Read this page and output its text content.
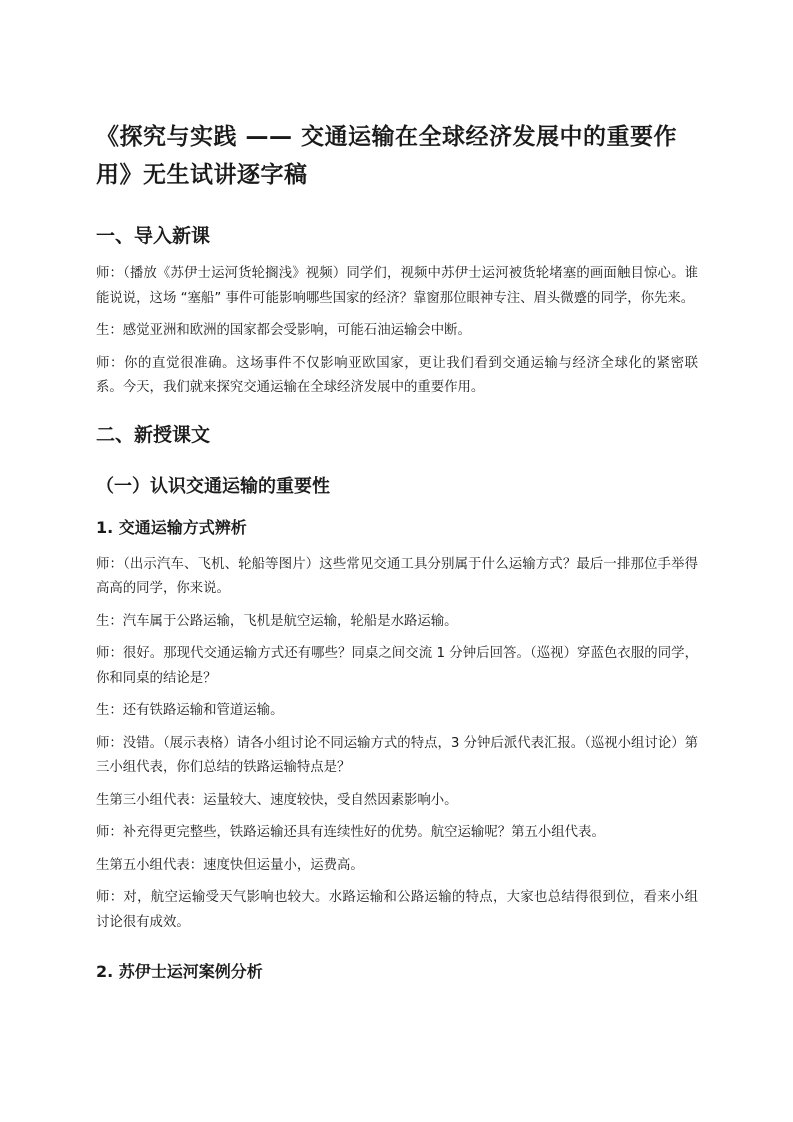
《探究与实践 —— 交通运输在全球经济发展中的重要作用》无生试讲逐字稿
一、导入新课
师：（播放《苏伊士运河货轮搁浅》视频）同学们，视频中苏伊士运河被货轮堵塞的画面触目惊心。谁能说说，这场 “塞船” 事件可能影响哪些国家的经济？靠窗那位眼神专注、眉头微蹙的同学，你先来。
生：感觉亚洲和欧洲的国家都会受影响，可能石油运输会中断。
师：你的直觉很准确。这场事件不仅影响亚欧国家，更让我们看到交通运输与经济全球化的紧密联系。今天，我们就来探究交通运输在全球经济发展中的重要作用。
二、新授课文
（一）认识交通运输的重要性
1. 交通运输方式辨析
师：（出示汽车、飞机、轮船等图片）这些常见交通工具分别属于什么运输方式？最后一排那位手举得高高的同学，你来说。
生：汽车属于公路运输，飞机是航空运输，轮船是水路运输。
师：很好。那现代交通运输方式还有哪些？同桌之间交流 1 分钟后回答。（巡视）穿蓝色衣服的同学，你和同桌的结论是？
生：还有铁路运输和管道运输。
师：没错。（展示表格）请各小组讨论不同运输方式的特点，3 分钟后派代表汇报。（巡视小组讨论）第三小组代表，你们总结的铁路运输特点是？
生第三小组代表：运量较大、速度较快，受自然因素影响小。
师：补充得更完整些，铁路运输还具有连续性好的优势。航空运输呢？第五小组代表。
生第五小组代表：速度快但运量小，运费高。
师：对，航空运输受天气影响也较大。水路运输和公路运输的特点，大家也总结得很到位，看来小组讨论很有成效。
2. 苏伊士运河案例分析
